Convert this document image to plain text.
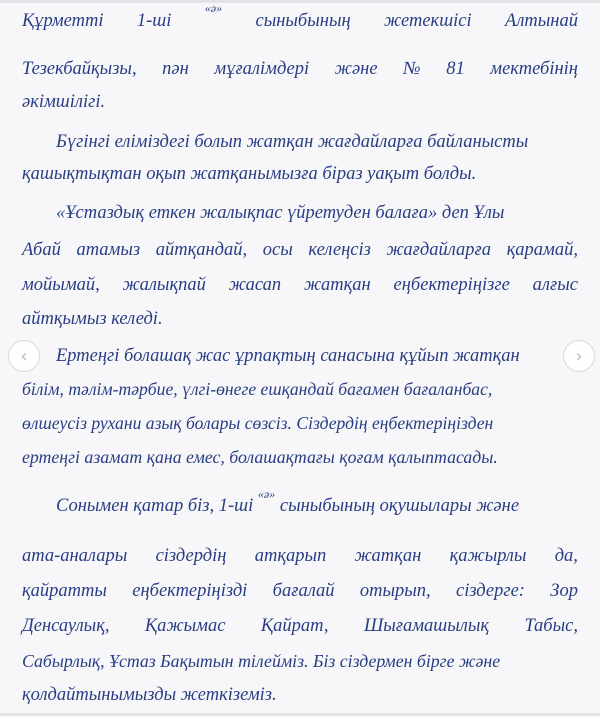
Құрметті 1-ші
«ә»
сыныбының жетекшісі Алтынай
Тезекбайқызы, пән мұғалімдері және № 81 мектебінің
әкімшілігі.
Бүгінгі еліміздегі болып жатқан жағдайларға байланысты
қашықтықтан оқып жатқанымызға біраз уақыт болды.
«Ұстаздық еткен жалықпас үйретуден балаға» деп Ұлы
Абай атамыз айтқандай, осы келеңсіз жағдайларға қарамай,
мойымай, жалықпай жасап жатқан еңбектеріңізге алғыс
айтқымыз келеді.
Ертеңгі болашақ жас ұрпақтың санасына құйып жатқан
білім, тәлім-тәрбие, үлгі-өнеге ешқандай бағамен бағаланбас,
өлшеусіз рухани азық болары сөзсіз. Сіздердің еңбектеріңізден
ертеңгі азамат қана емес, болашақтағы қоғам қалыптасады.
Сонымен қатар біз, 1-ші $^{«ә»}$ сыныбының оқушылары және
ата-аналары сіздердің атқарып жатқан қажырлы да,
қайратты еңбектеріңізді бағалай отырып, сіздерге: Зор
Денсаулық, Қажымас Қайрат, Шығамашылық Табыс,
Сабырлық, Ұстаз Бақытын тілейміз. Біз сіздермен бірге және
қолдайтынымызды жеткіземіз.
‹	›
